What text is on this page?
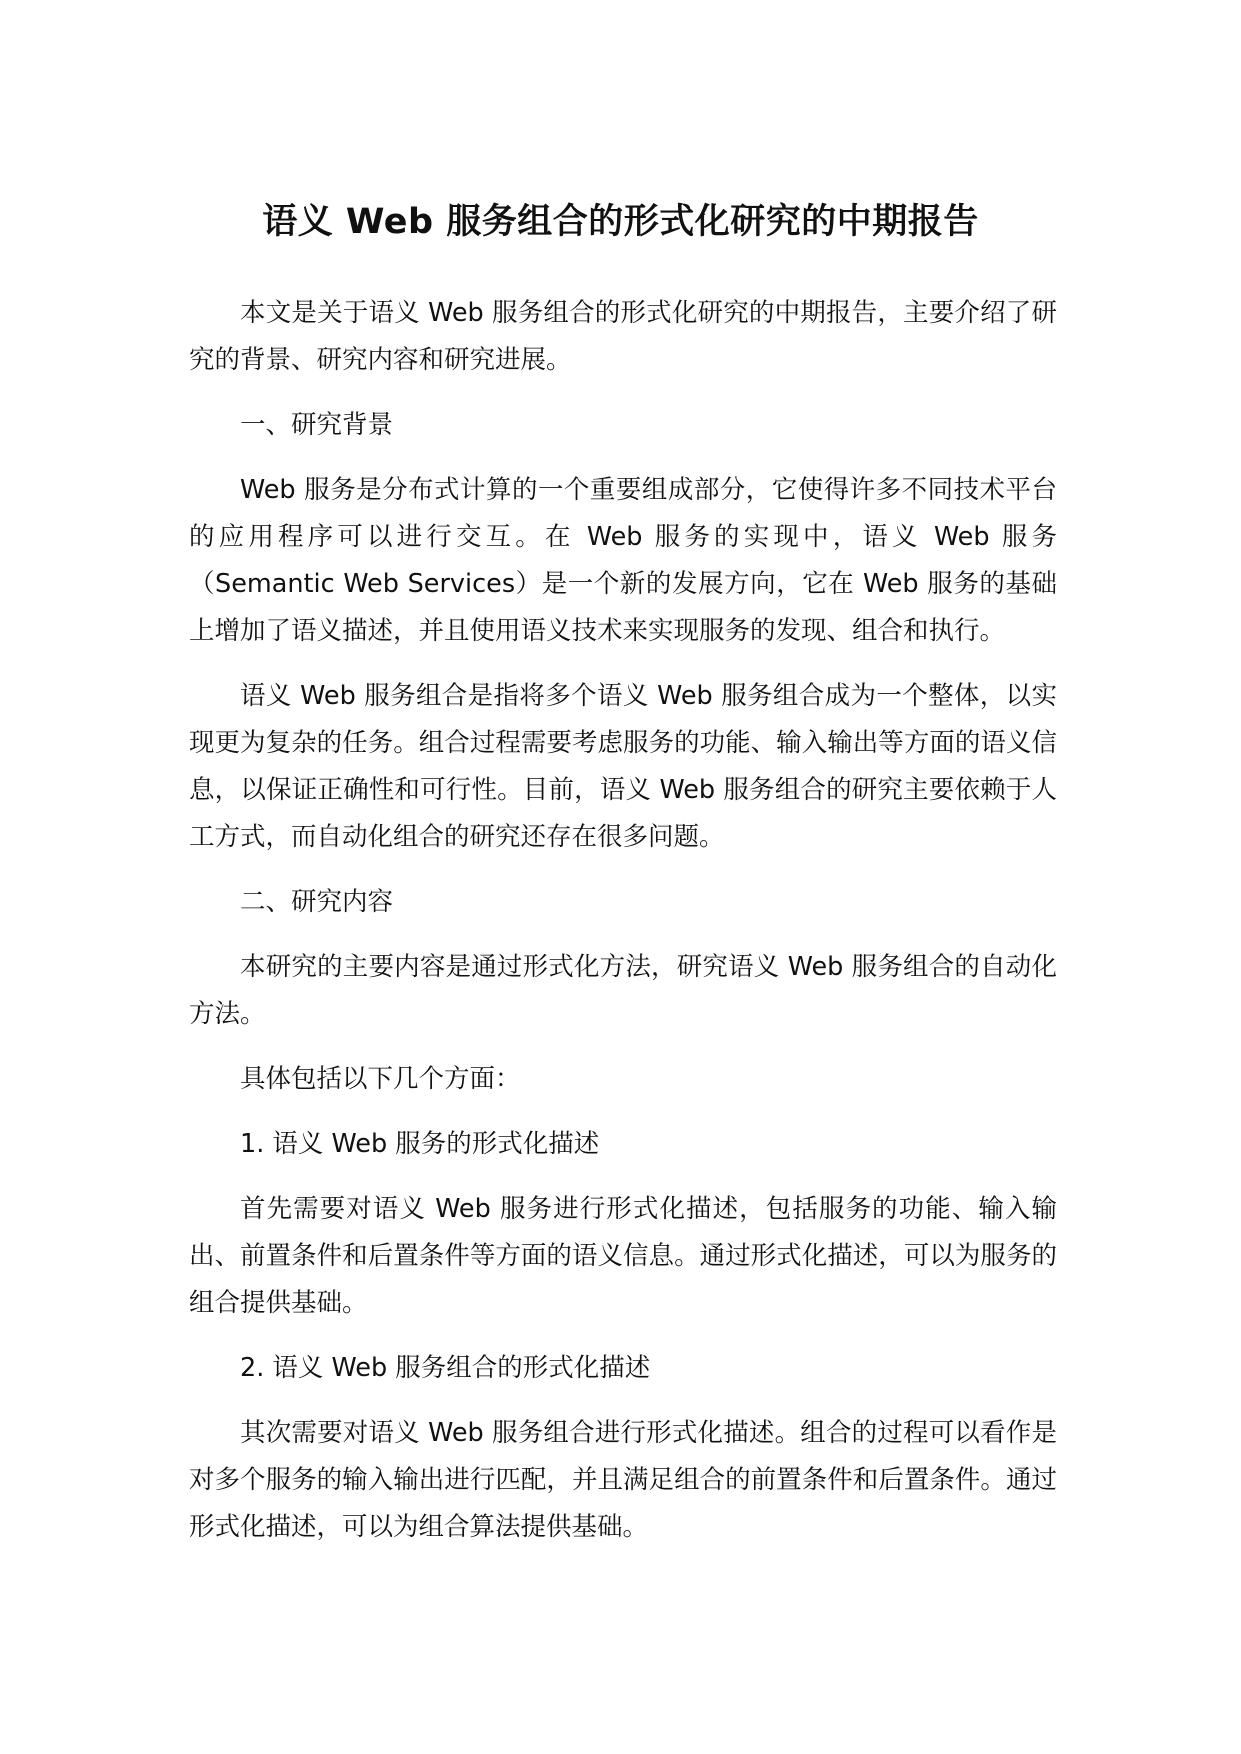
语义 Web 服务组合的形式化研究的中期报告

本文是关于语义 Web 服务组合的形式化研究的中期报告，主要介绍了研究的背景、研究内容和研究进展。

一、研究背景

Web 服务是分布式计算的一个重要组成部分，它使得许多不同技术平台的应用程序可以进行交互。在 Web 服务的实现中，语义 Web 服务（Semantic Web Services）是一个新的发展方向，它在 Web 服务的基础上增加了语义描述，并且使用语义技术来实现服务的发现、组合和执行。

语义 Web 服务组合是指将多个语义 Web 服务组合成为一个整体，以实现更为复杂的任务。组合过程需要考虑服务的功能、输入输出等方面的语义信息，以保证正确性和可行性。目前，语义 Web 服务组合的研究主要依赖于人工方式，而自动化组合的研究还存在很多问题。

二、研究内容

本研究的主要内容是通过形式化方法，研究语义 Web 服务组合的自动化方法。

具体包括以下几个方面：

1. 语义 Web 服务的形式化描述

首先需要对语义 Web 服务进行形式化描述，包括服务的功能、输入输出、前置条件和后置条件等方面的语义信息。通过形式化描述，可以为服务的组合提供基础。

2. 语义 Web 服务组合的形式化描述

其次需要对语义 Web 服务组合进行形式化描述。组合的过程可以看作是对多个服务的输入输出进行匹配，并且满足组合的前置条件和后置条件。通过形式化描述，可以为组合算法提供基础。
